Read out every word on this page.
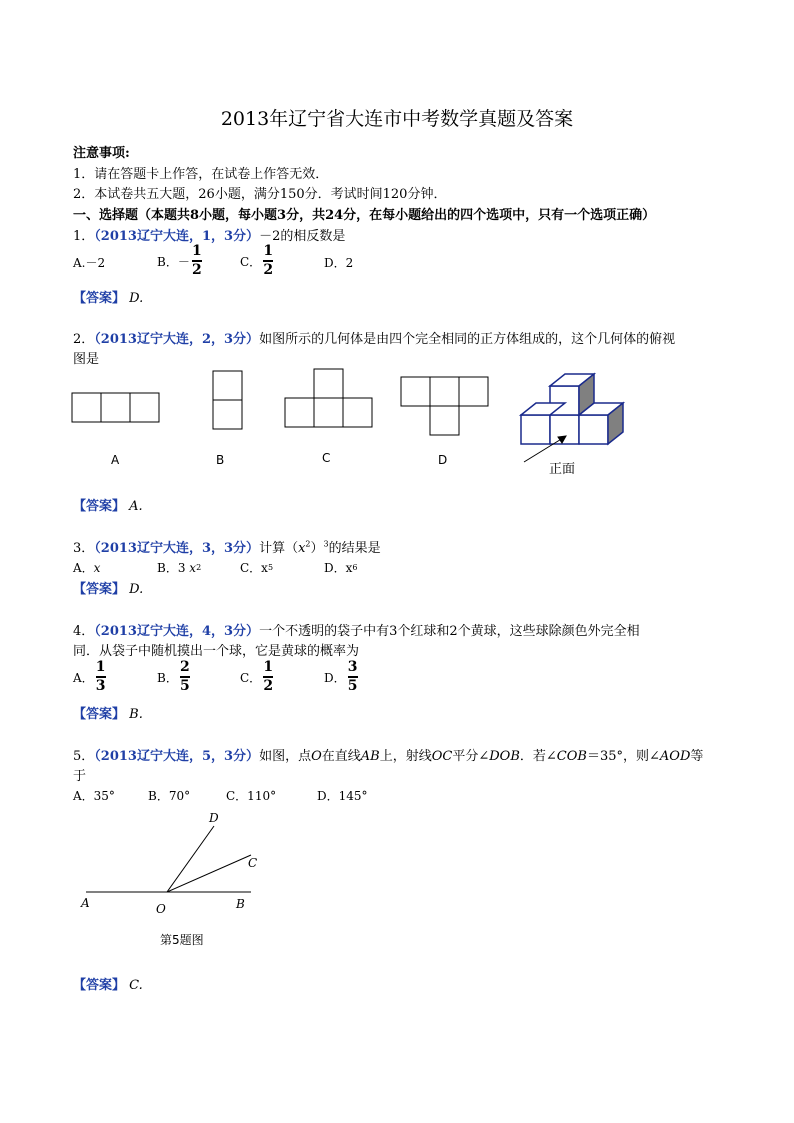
2013年辽宁省大连市中考数学真题及答案
注意事项:
1．请在答题卡上作答，在试卷上作答无效．
2．本试卷共五大题，26小题，满分150分．考试时间120分钟．
一、选择题（本题共8小题，每小题3分，共24分，在每小题给出的四个选项中，只有一个选项正确）
1．（2013辽宁大连，1，3分）－2的相反数是
A.－2	B．－ $\frac{1}{2}$	C． $\frac{1}{2}$	D．2
【答案】 D.
2．（2013辽宁大连，2，3分）如图所示的几何体是由四个完全相同的正方体组成的，这个几何体的俯视
图是
A	B	C	D
正面
【答案】 A.
3．（2013辽宁大连，3，3分）计算$(x^2)^3$的结果是
A． x	B．3
x 2	C．x 5	D．x 6
【答案】 D.
4．（2013辽宁大连，4，3分）一个不透明的袋子中有3个红球和2个黄球，这些球除颜色外完全相
同．从袋子中随机摸出一个球，它是黄球的概率为
A． $\frac{1}{3}$	B． $\frac{2}{5}$	C． $\frac{1}{2}$	D． $\frac{3}{5}$
【答案】 B.
5．（2013辽宁大连，5，3分）如图，点O在直线AB上，射线OC平分∠DOB．若∠COB＝35°，则∠AOD等
于
A．35°	B．70°	C．110°	D．145°
D
C
A	O	B
第5题图
【答案】 C.
